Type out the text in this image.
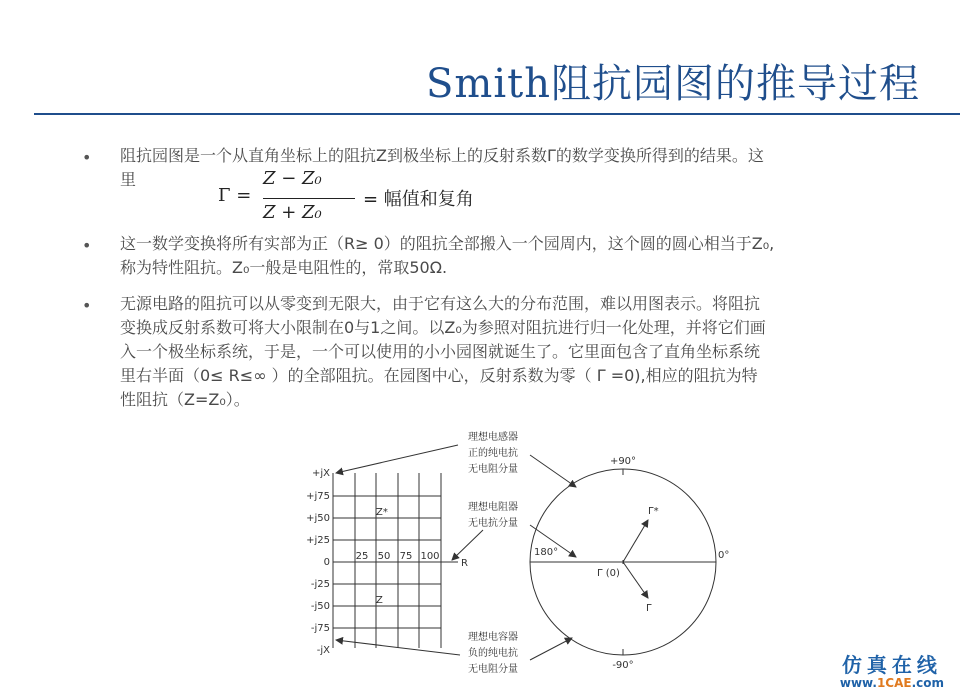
Smith阻抗园图的推导过程
• 阻抗园图是一个从直角坐标上的阻抗Z到极坐标上的反射系数Γ的数学变换所得到的结果。这
里
Γ =
Z − Z₀
Z + Z₀
= 幅值和复角
• 这一数学变换将所有实部为正（R≥ 0）的阻抗全部搬入一个园周内，这个圆的圆心相当于Z₀,
称为特性阻抗。Z₀一般是电阻性的，常取50Ω.
• 无源电路的阻抗可以从零变到无限大，由于它有这么大的分布范围，难以用图表示。将阻抗
变换成反射系数可将大小限制在0与1之间。以Z₀为参照对阻抗进行归一化处理，并将它们画
入一个极坐标系统，于是，一个可以使用的小小园图就诞生了。它里面包含了直角坐标系统
里右半面（0≤ R≤∞ ）的全部阻抗。在园图中心，反射系数为零（ Γ =0),相应的阻抗为特
性阻抗（Z=Z₀）。
+jX
+j75
+j50
+j25
0
-j25
-j50
-j75
-jX
25 50 75 100
R
Z*
Z
理想电感器
正的纯电抗
无电阻分量
理想电阻器
无电抗分量
理想电容器
负的纯电抗
无电阻分量
+90°
-90°
0°
180°
Γ*
Γ
Γ (0)
仿真在线
www.1CAE.com
